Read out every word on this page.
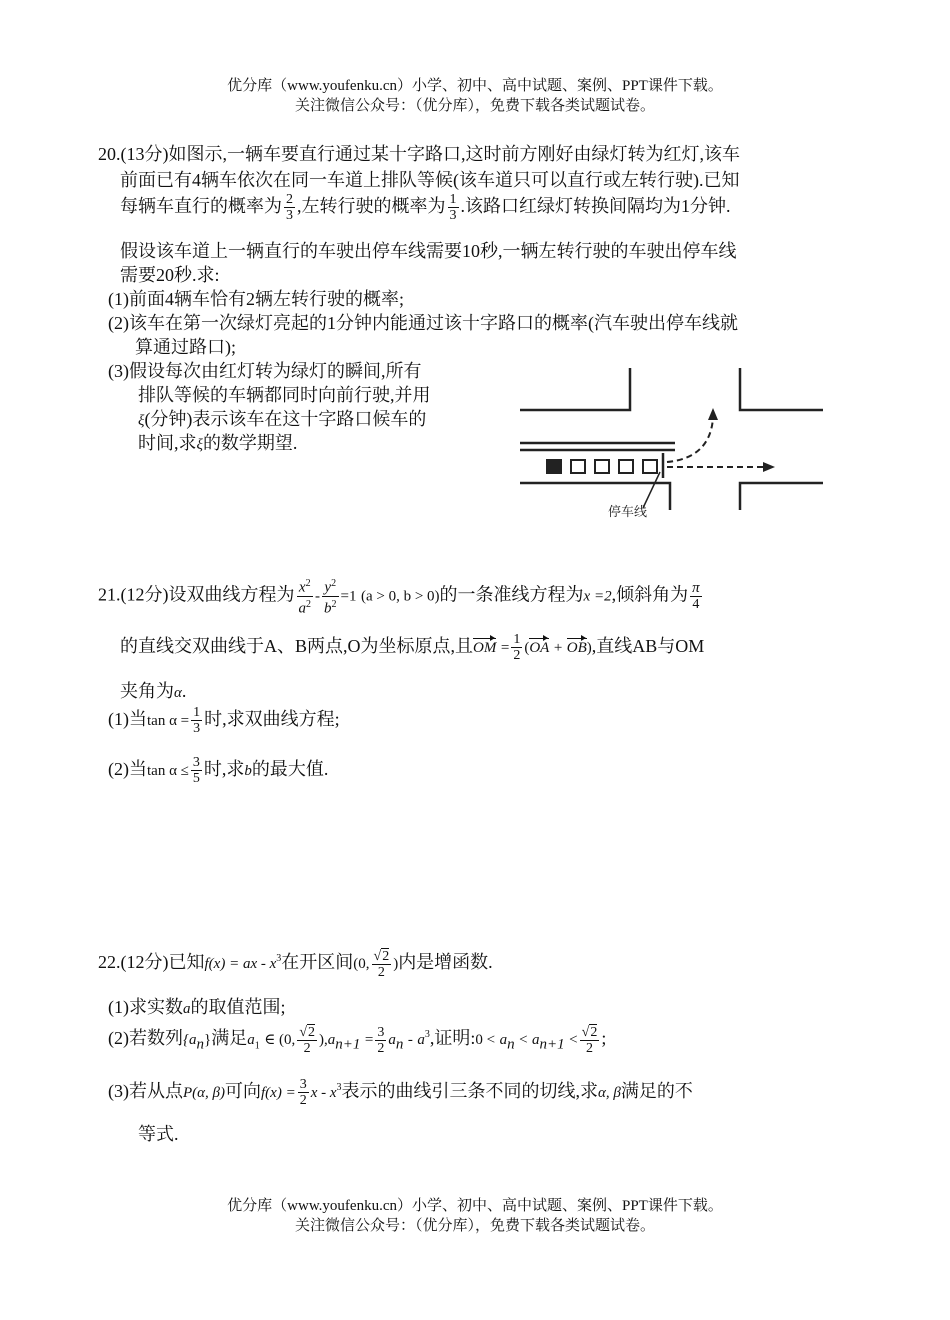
优分库（www.youfenku.cn）小学、初中、高中试题、案例、PPT课件下载。
关注微信公众号：（优分库），免费下载各类试题试卷。
20.(13分)如图示,一辆车要直行通过某十字路口,这时前方刚好由绿灯转为红灯,该车
前面已有4辆车依次在同一车道上排队等候(该车道只可以直行或左转行驶).已知
每辆车直行的概率为 $\frac{2}{3}$ ,左转行驶的概率为 $\frac{1}{3}$ .该路口红绿灯转换间隔均为1分钟.
假设该车道上一辆直行的车驶出停车线需要10秒,一辆左转行驶的车驶出停车线
需要20秒.求:
(1)前面4辆车恰有2辆左转行驶的概率;
(2)该车在第一次绿灯亮起的1分钟内能通过该十字路口的概率(汽车驶出停车线就
算通过路口);
(3)假设每次由红灯转为绿灯的瞬间,所有
排队等候的车辆都同时向前行驶,并用
ξ(分钟)表示该车在这十字路口候车的
时间,求ξ的数学期望.
停车线
21.(12分)设双曲线方程为 $\frac{x^2}{a^2} - \frac{y^2}{b^2} =1$ (a > 0, b > 0)的一条准线方程为x =2,倾斜角为 $\frac{\pi}{4}$
的直线交双曲线于A、B两点,O为坐标原点,且OM = $\frac{1}{2} (OA + OB)$,直线AB与OM
夹角为α.
(1)当$\tan \alpha = \frac{1}{3}$ 时,求双曲线方程;
(2)当$\tan \alpha \le \frac{3}{5}$ 时,求b的最大值.
22.(12分)已知f(x) = ax - $x^3$在开区间(0, $\frac{√2}{2}$ )内是增函数.
(1)求实数a的取值范围;
(2)若数列$\{a_n\}$满足$a_1$ ∈ (0, $\frac{√2}{2} ),a_{n+1} = \frac{3}{2} a_n - a^3$,证明:0 < $a_n < a_{n+1} < \frac{√2}{2}$ ;
(3)若从点P(α, β)可向$f(x) = \frac{3}{2}$ x - $x^3$表示的曲线引三条不同的切线,求α, β满足的不
等式.
优分库（www.youfenku.cn）小学、初中、高中试题、案例、PPT课件下载。
关注微信公众号：（优分库），免费下载各类试题试卷。
